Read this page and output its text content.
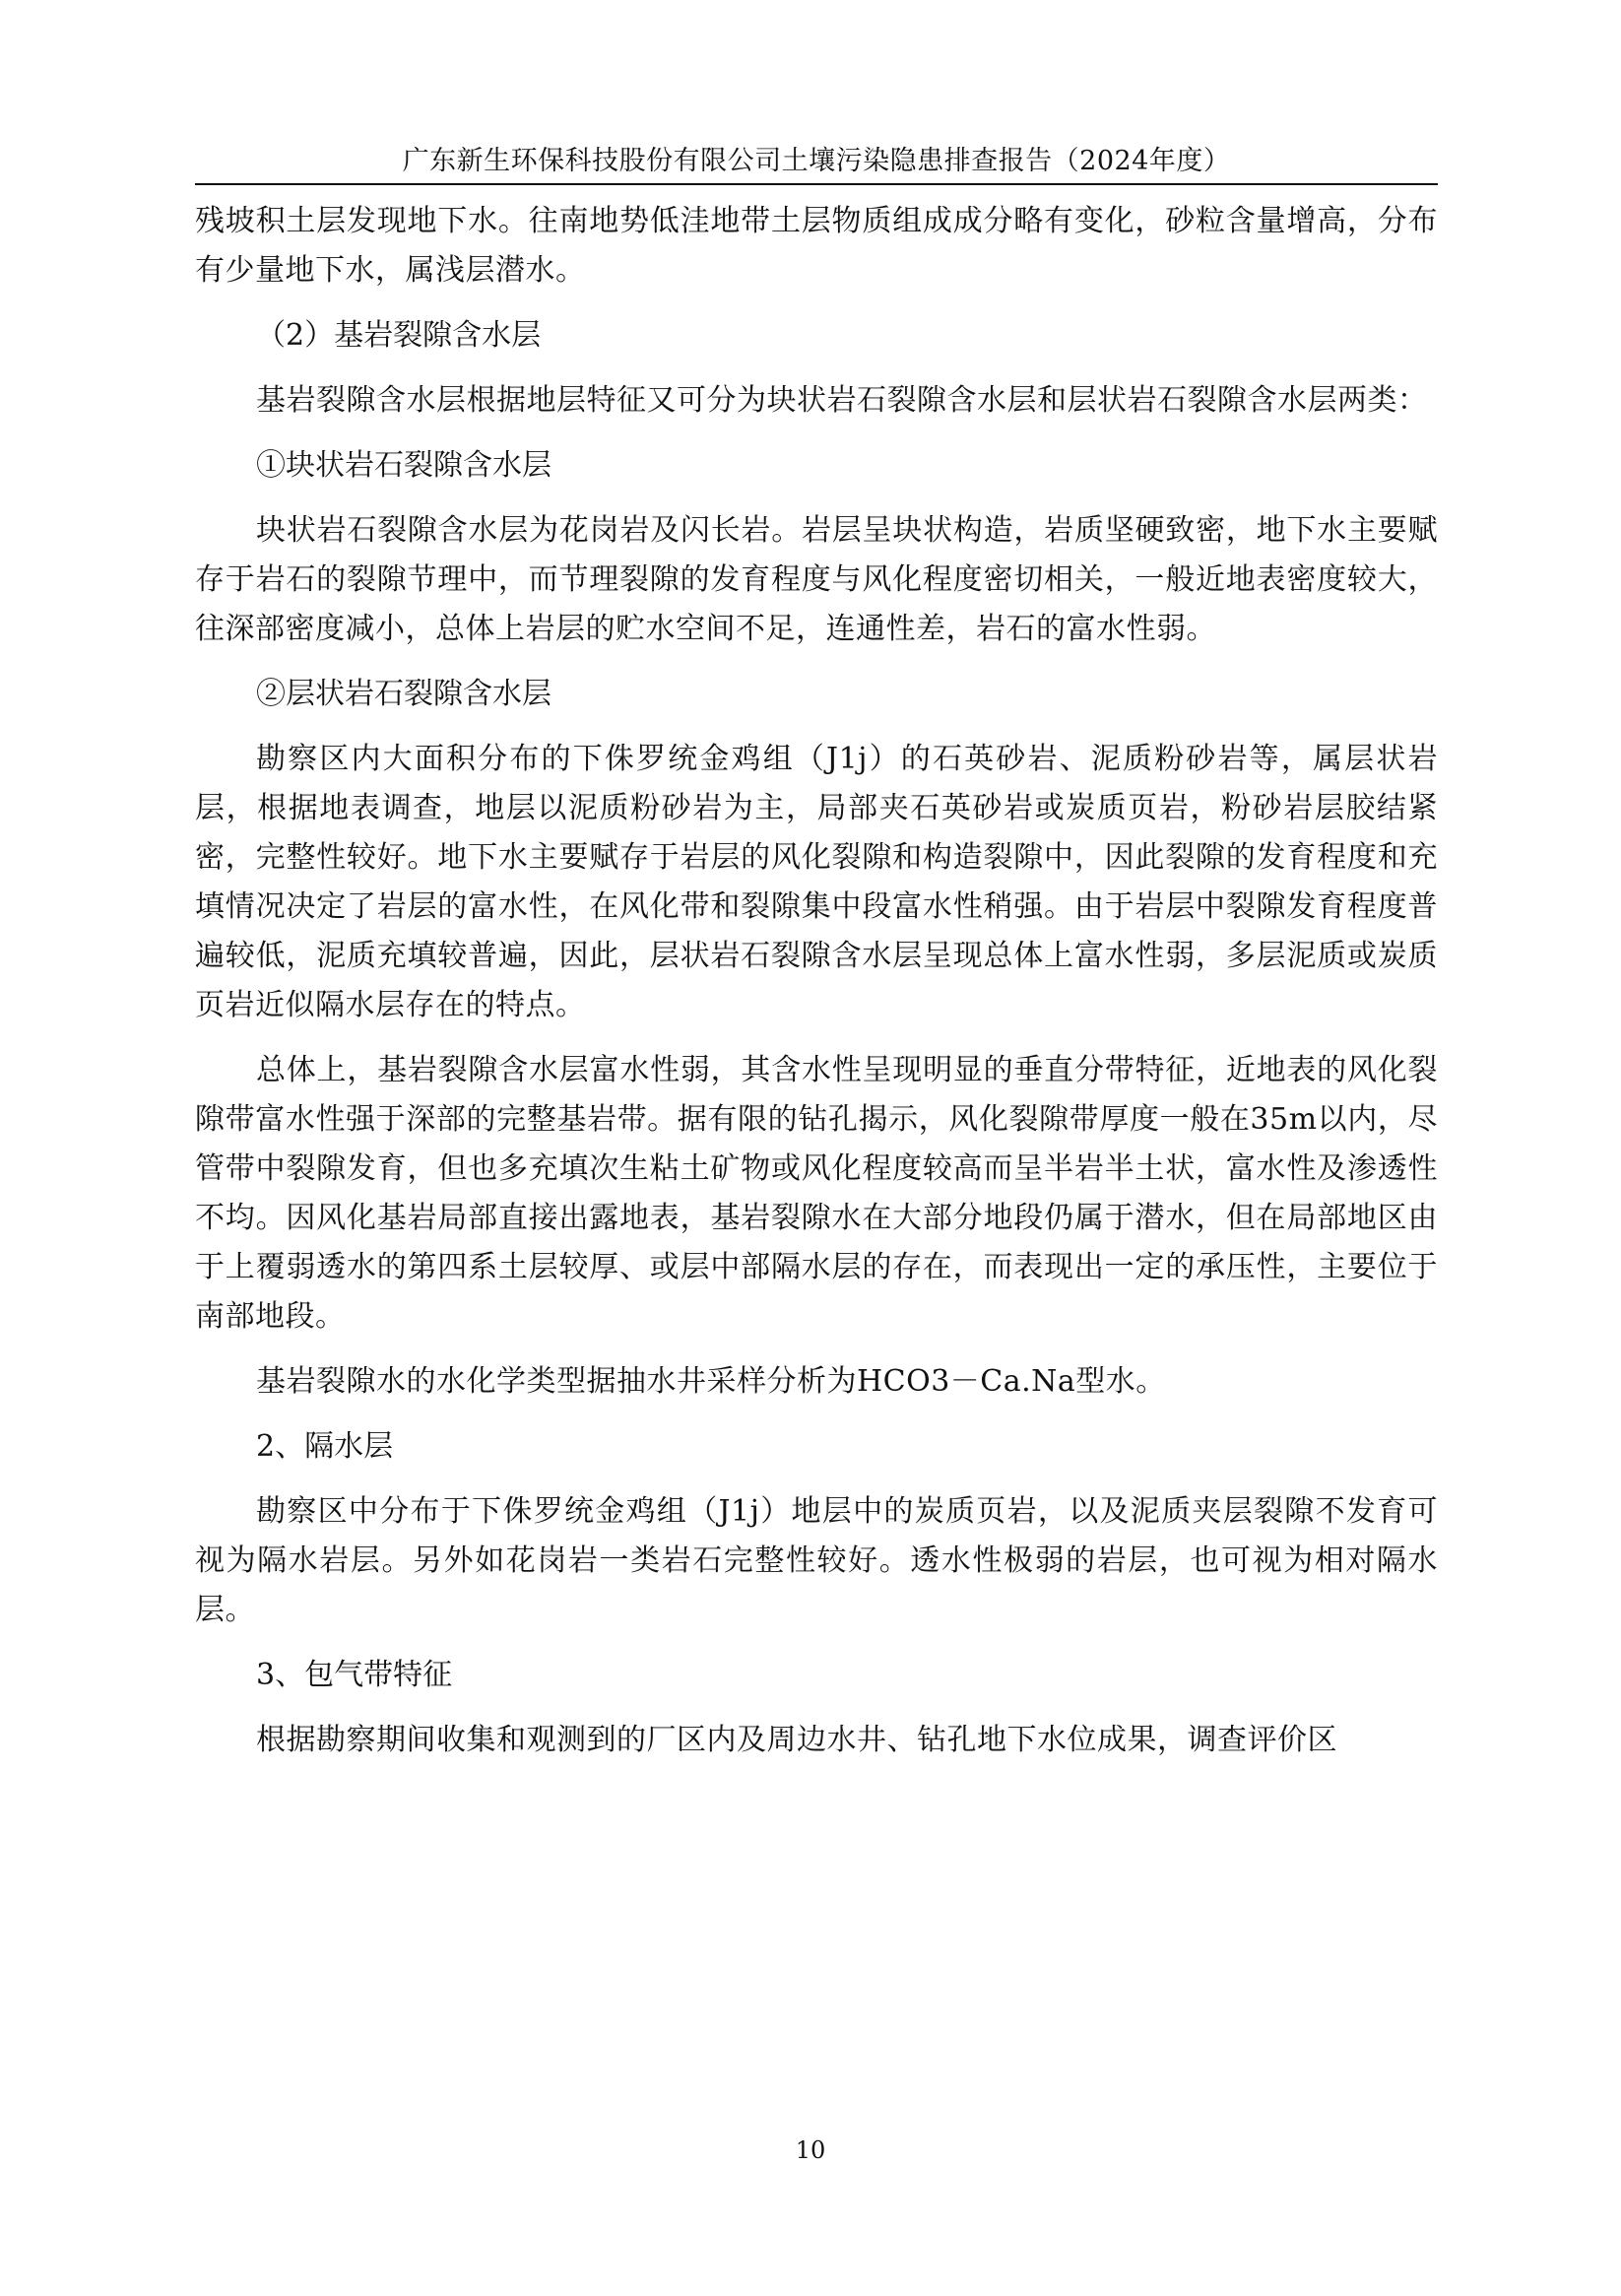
广东新生环保科技股份有限公司土壤污染隐患排查报告（2024年度）

残坡积土层发现地下水。往南地势低洼地带土层物质组成成分略有变化，砂粒含量增高，分布有少量地下水，属浅层潜水。

（2）基岩裂隙含水层

基岩裂隙含水层根据地层特征又可分为块状岩石裂隙含水层和层状岩石裂隙含水层两类：

①块状岩石裂隙含水层

块状岩石裂隙含水层为花岗岩及闪长岩。岩层呈块状构造，岩质坚硬致密，地下水主要赋存于岩石的裂隙节理中，而节理裂隙的发育程度与风化程度密切相关，一般近地表密度较大，往深部密度减小，总体上岩层的贮水空间不足，连通性差，岩石的富水性弱。

②层状岩石裂隙含水层

勘察区内大面积分布的下侏罗统金鸡组（J1j）的石英砂岩、泥质粉砂岩等，属层状岩层，根据地表调查，地层以泥质粉砂岩为主，局部夹石英砂岩或炭质页岩，粉砂岩层胶结紧密，完整性较好。地下水主要赋存于岩层的风化裂隙和构造裂隙中，因此裂隙的发育程度和充填情况决定了岩层的富水性，在风化带和裂隙集中段富水性稍强。由于岩层中裂隙发育程度普遍较低，泥质充填较普遍，因此，层状岩石裂隙含水层呈现总体上富水性弱，多层泥质或炭质页岩近似隔水层存在的特点。

总体上，基岩裂隙含水层富水性弱，其含水性呈现明显的垂直分带特征，近地表的风化裂隙带富水性强于深部的完整基岩带。据有限的钻孔揭示，风化裂隙带厚度一般在35m以内，尽管带中裂隙发育，但也多充填次生粘土矿物或风化程度较高而呈半岩半土状，富水性及渗透性不均。因风化基岩局部直接出露地表，基岩裂隙水在大部分地段仍属于潜水，但在局部地区由于上覆弱透水的第四系土层较厚、或层中部隔水层的存在，而表现出一定的承压性，主要位于南部地段。

基岩裂隙水的水化学类型据抽水井采样分析为HCO3－Ca.Na型水。

2、隔水层

勘察区中分布于下侏罗统金鸡组（J1j）地层中的炭质页岩，以及泥质夹层裂隙不发育可视为隔水岩层。另外如花岗岩一类岩石完整性较好。透水性极弱的岩层，也可视为相对隔水层。

3、包气带特征

根据勘察期间收集和观测到的厂区内及周边水井、钻孔地下水位成果，调查评价区

10
